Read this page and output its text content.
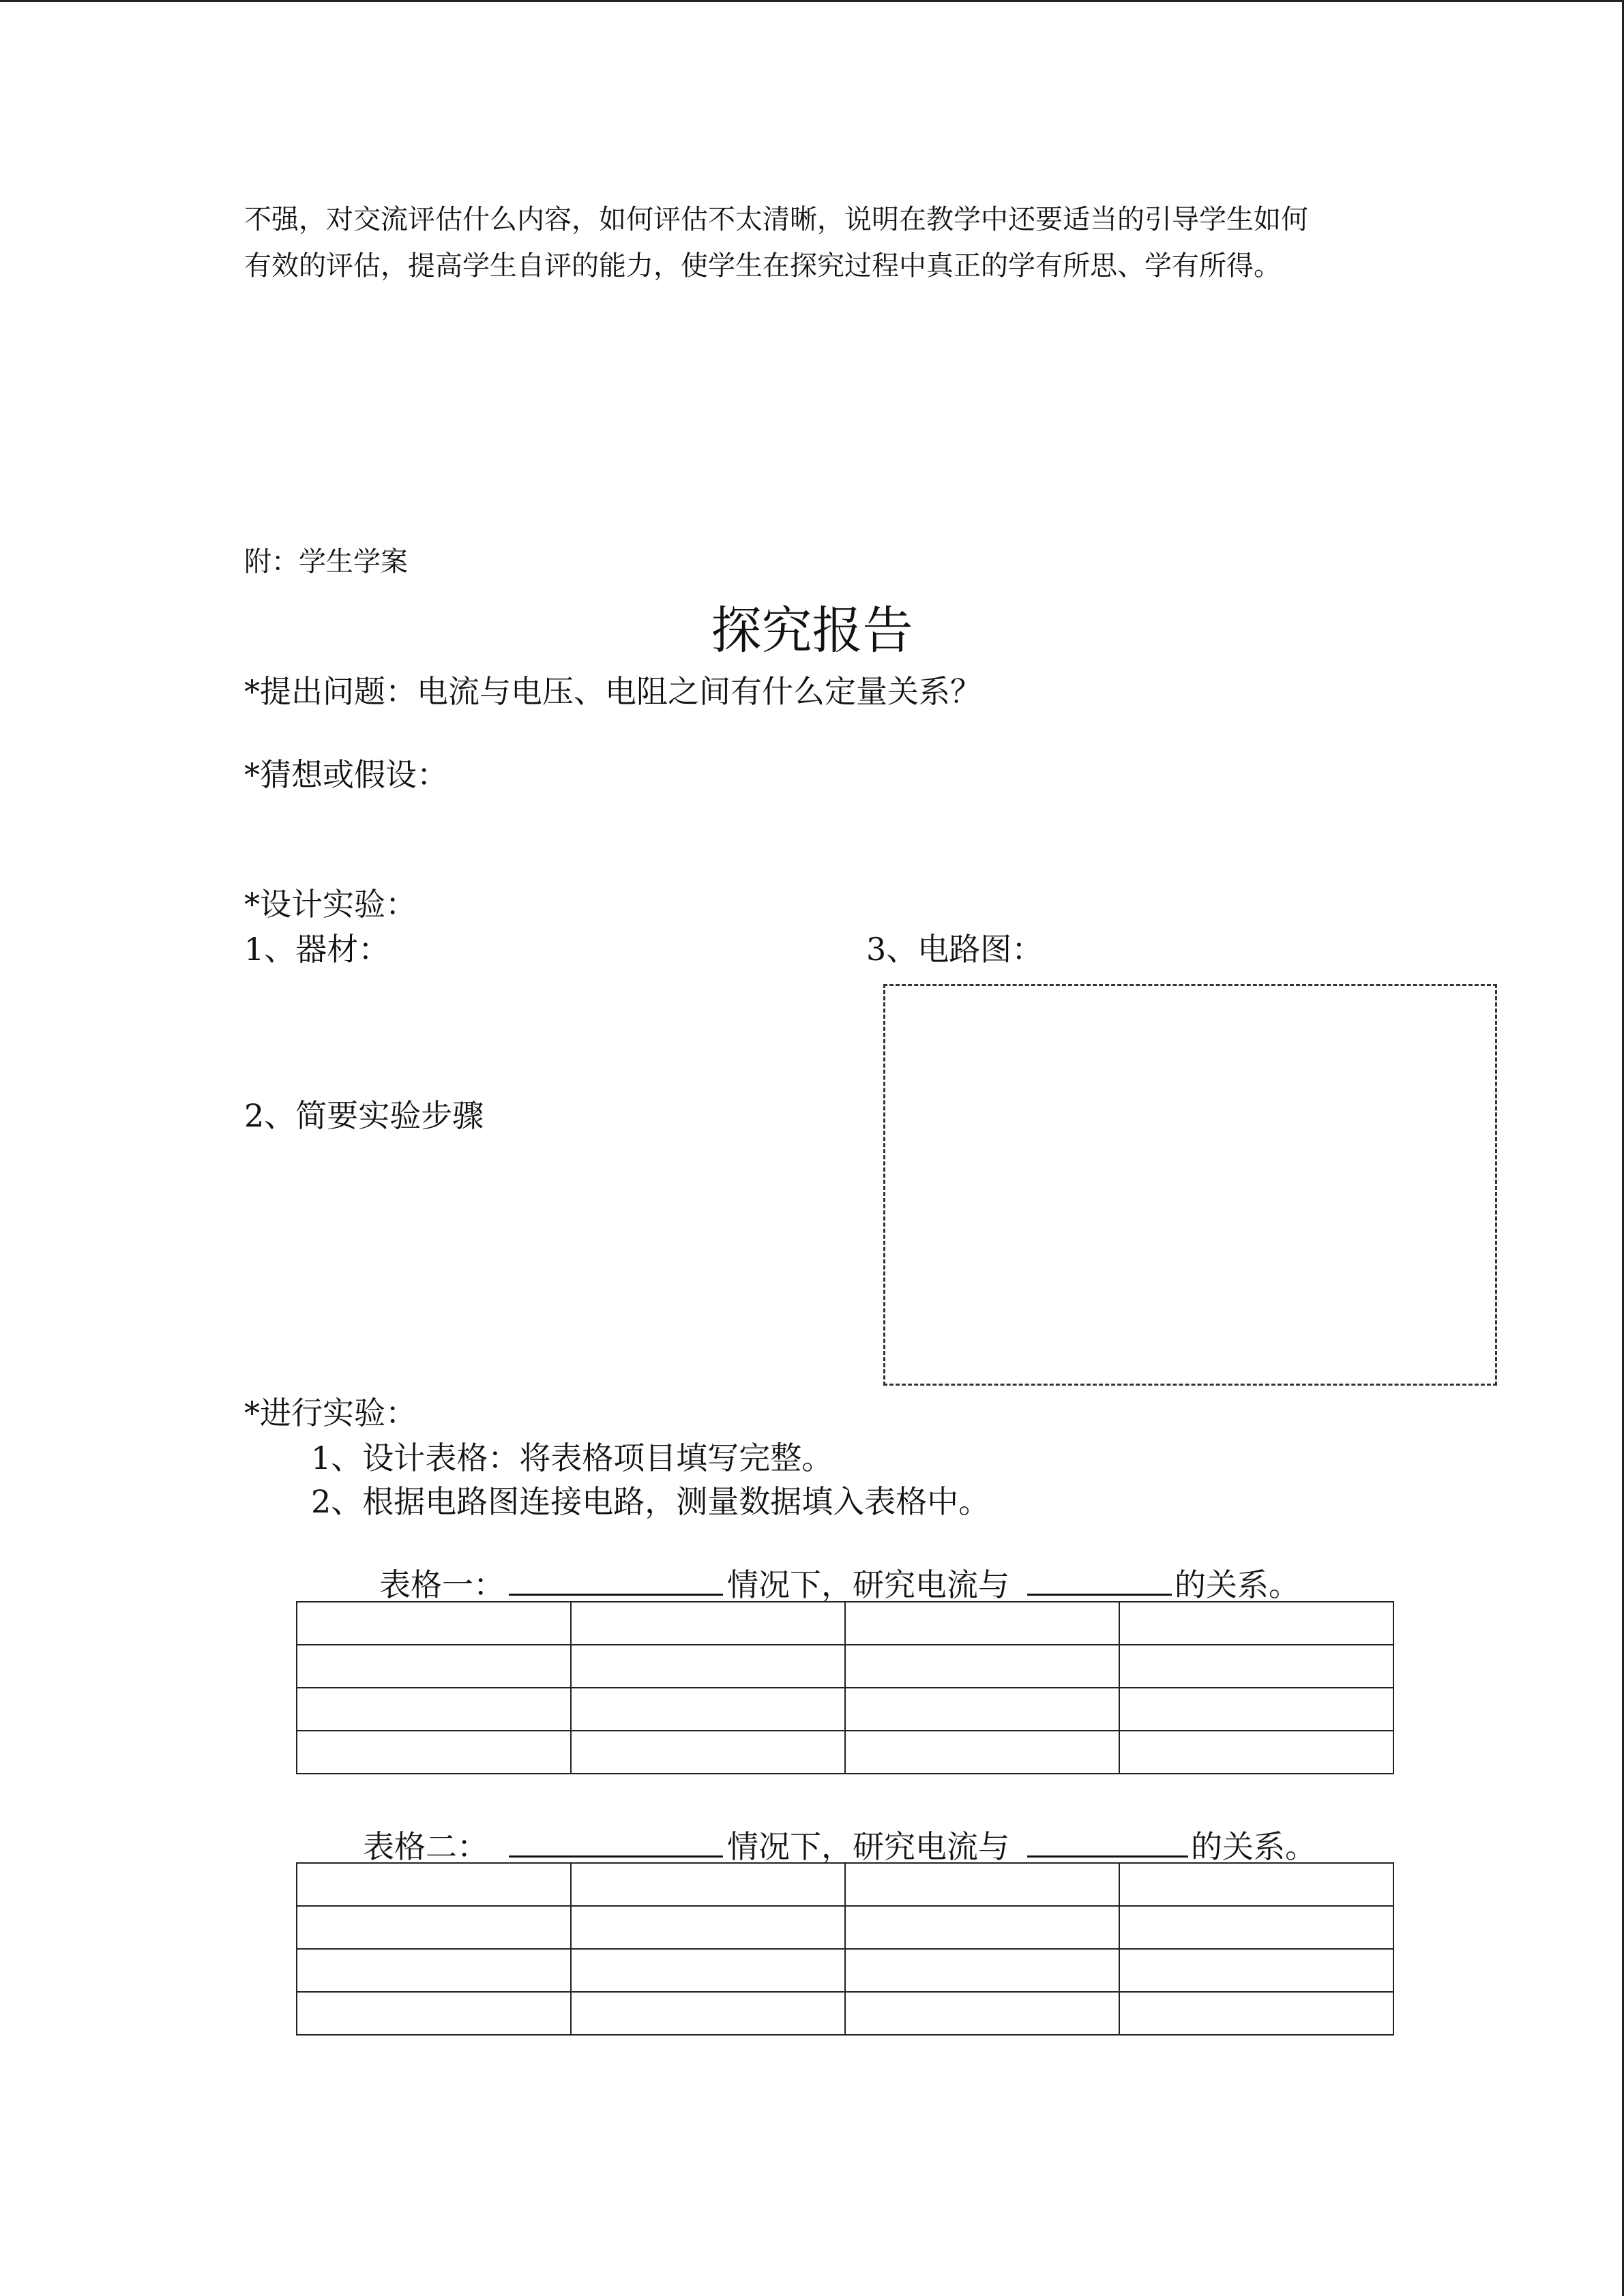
不强，对交流评估什么内容，如何评估不太清晰，说明在教学中还要适当的引导学生如何
有效的评估，提高学生自评的能力，使学生在探究过程中真正的学有所思、学有所得。
附：学生学案
探究报告
*提出问题：电流与电压、电阻之间有什么定量关系？
*猜想或假设：
*设计实验：
1、器材：	3、电路图：
2、简要实验步骤
*进行实验：
1、设计表格：将表格项目填写完整。
2、根据电路图连接电路，测量数据填入表格中。
表格一：	情况下，研究电流与	的关系。

表格二：	情况下，研究电流与	的关系。
